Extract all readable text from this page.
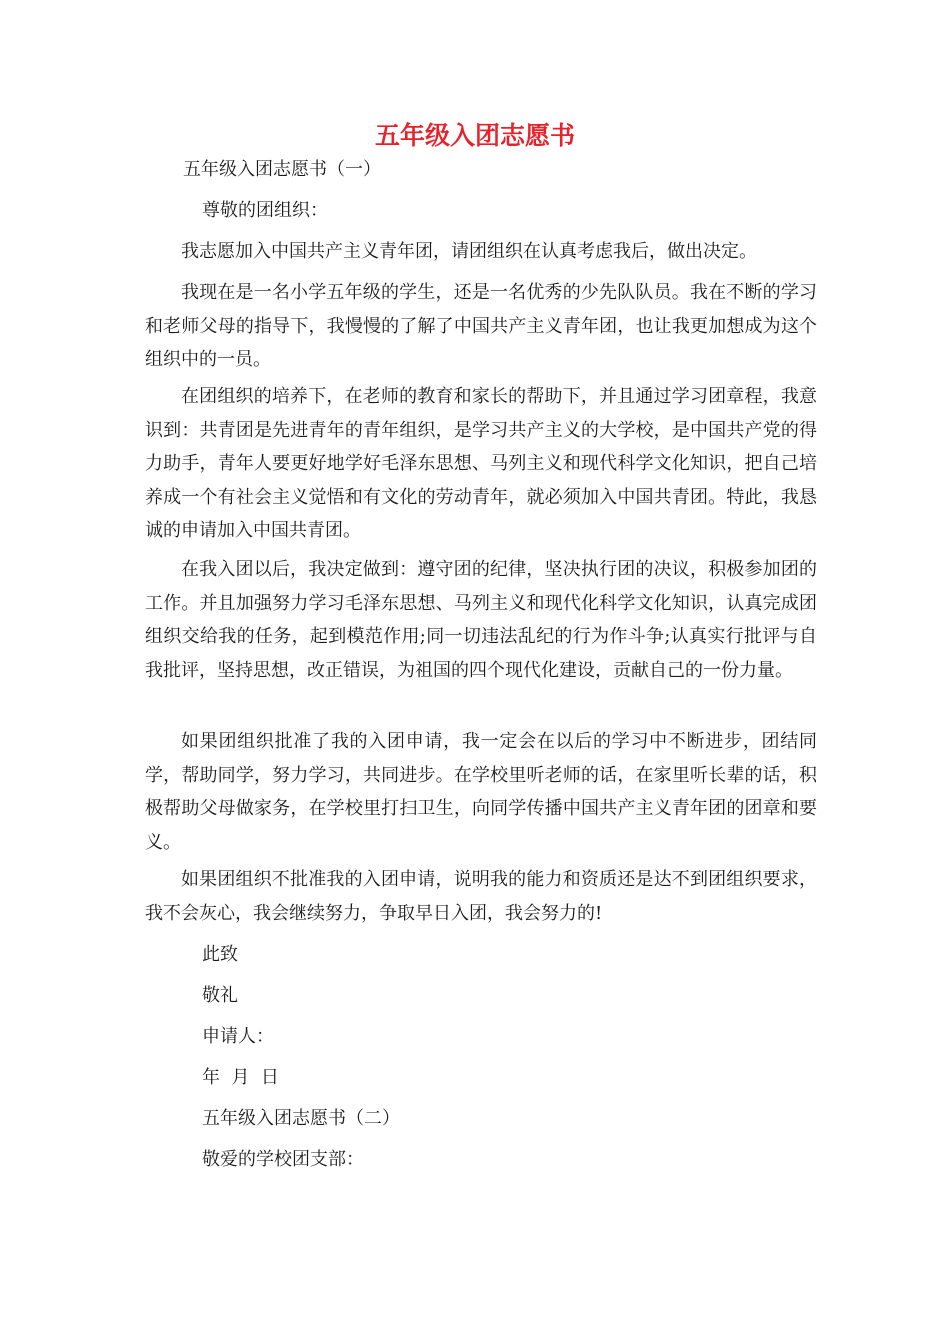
五年级入团志愿书
五年级入团志愿书（一）
尊敬的团组织：

我志愿加入中国共产主义青年团，请团组织在认真考虑我后，做出决定。

我现在是一名小学五年级的学生，还是一名优秀的少先队队员。我在不断的学习和老师父母的指导下，我慢慢的了解了中国共产主义青年团，也让我更加想成为这个组织中的一员。

在团组织的培养下，在老师的教育和家长的帮助下，并且通过学习团章程，我意识到：共青团是先进青年的青年组织，是学习共产主义的大学校，是中国共产党的得力助手，青年人要更好地学好毛泽东思想、马列主义和现代科学文化知识，把自己培养成一个有社会主义觉悟和有文化的劳动青年，就必须加入中国共青团。特此，我恳诚的申请加入中国共青团。

在我入团以后，我决定做到：遵守团的纪律，坚决执行团的决议，积极参加团的工作。并且加强努力学习毛泽东思想、马列主义和现代化科学文化知识，认真完成团组织交给我的任务，起到模范作用;同一切违法乱纪的行为作斗争;认真实行批评与自我批评，坚持思想，改正错误，为祖国的四个现代化建设，贡献自己的一份力量。

如果团组织批准了我的入团申请，我一定会在以后的学习中不断进步，团结同学，帮助同学，努力学习，共同进步。在学校里听老师的话，在家里听长辈的话，积极帮助父母做家务，在学校里打扫卫生，向同学传播中国共产主义青年团的团章和要义。

如果团组织不批准我的入团申请，说明我的能力和资质还是达不到团组织要求，我不会灰心，我会继续努力，争取早日入团，我会努力的!

此致
敬礼
申请人：
年  月  日
五年级入团志愿书（二）
敬爱的学校团支部：
